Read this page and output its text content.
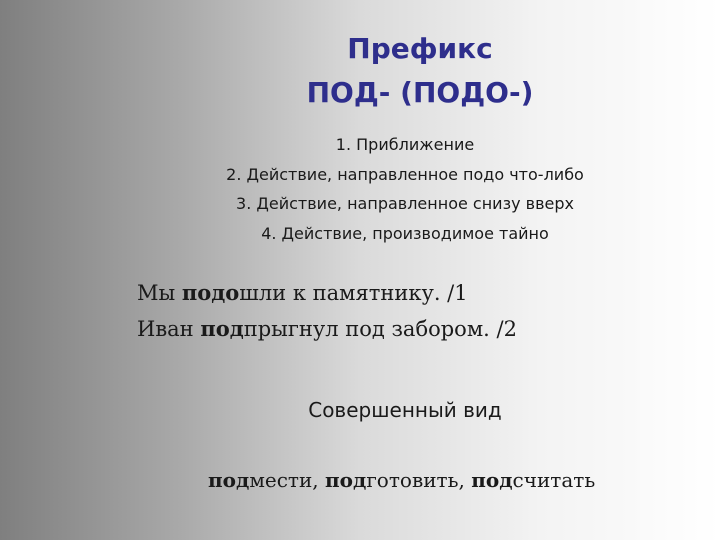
Префикс
ПОД- (ПОДО-)
1. Приближение
2. Действие, направленное подо что-либо
3. Действие, направленное снизу вверх
4. Действие, производимое тайно
Мы подошли к памятнику. /1
Иван подпрыгнул под забором. /2
Совершенный вид
подмести, подготовить, подсчитать
